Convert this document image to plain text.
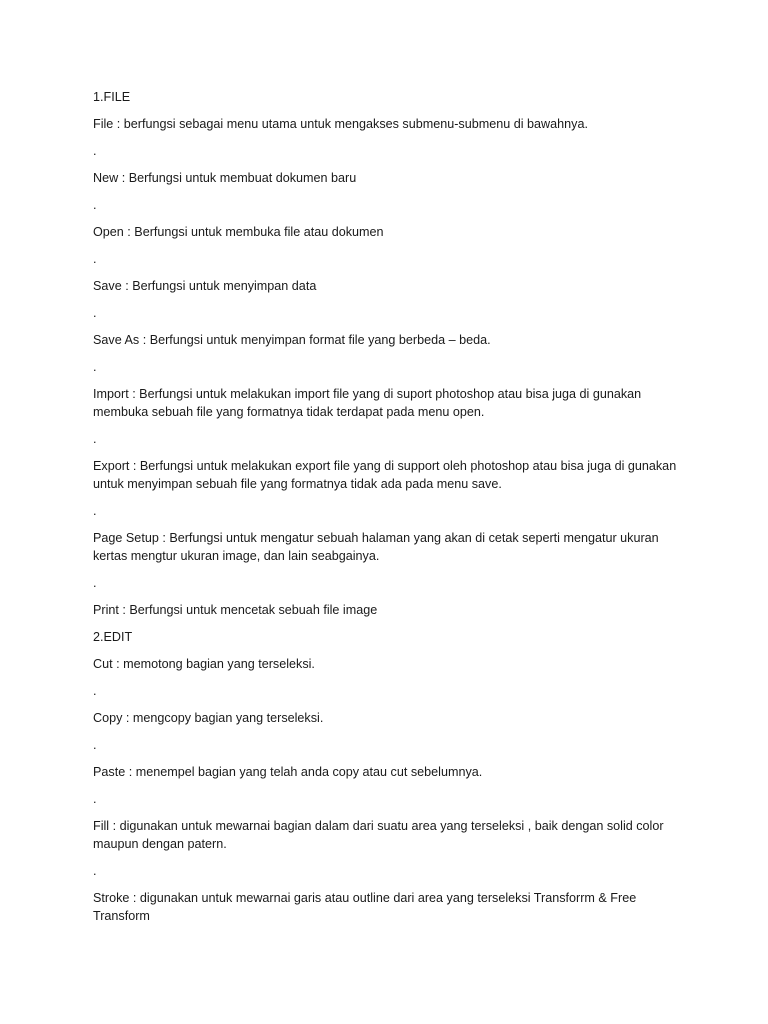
1.FILE

File : berfungsi sebagai menu utama untuk mengakses submenu-submenu di bawahnya.

.

New : Berfungsi untuk membuat dokumen baru

.

Open : Berfungsi untuk membuka file atau dokumen

.

Save : Berfungsi untuk menyimpan data

.

Save As : Berfungsi untuk menyimpan format file yang berbeda – beda.

.

Import : Berfungsi untuk melakukan import file yang di suport photoshop atau bisa juga di gunakan membuka sebuah file yang formatnya tidak terdapat pada menu open.

.

Export : Berfungsi untuk melakukan export file yang di support oleh photoshop atau bisa juga di gunakan untuk menyimpan sebuah file yang formatnya tidak ada pada menu save.

.

Page Setup : Berfungsi untuk mengatur sebuah halaman yang akan di cetak seperti mengatur ukuran kertas mengtur ukuran image, dan lain seabgainya.

.

Print : Berfungsi untuk mencetak sebuah file image

2.EDIT

Cut : memotong bagian yang terseleksi.

.

Copy : mengcopy bagian yang terseleksi.

.

Paste : menempel bagian yang telah anda copy atau cut sebelumnya.

.

Fill : digunakan untuk mewarnai bagian dalam dari suatu area yang terseleksi , baik dengan solid color maupun dengan patern.

.

Stroke : digunakan untuk mewarnai garis atau outline dari area yang terseleksi Transforrm & Free Transform
